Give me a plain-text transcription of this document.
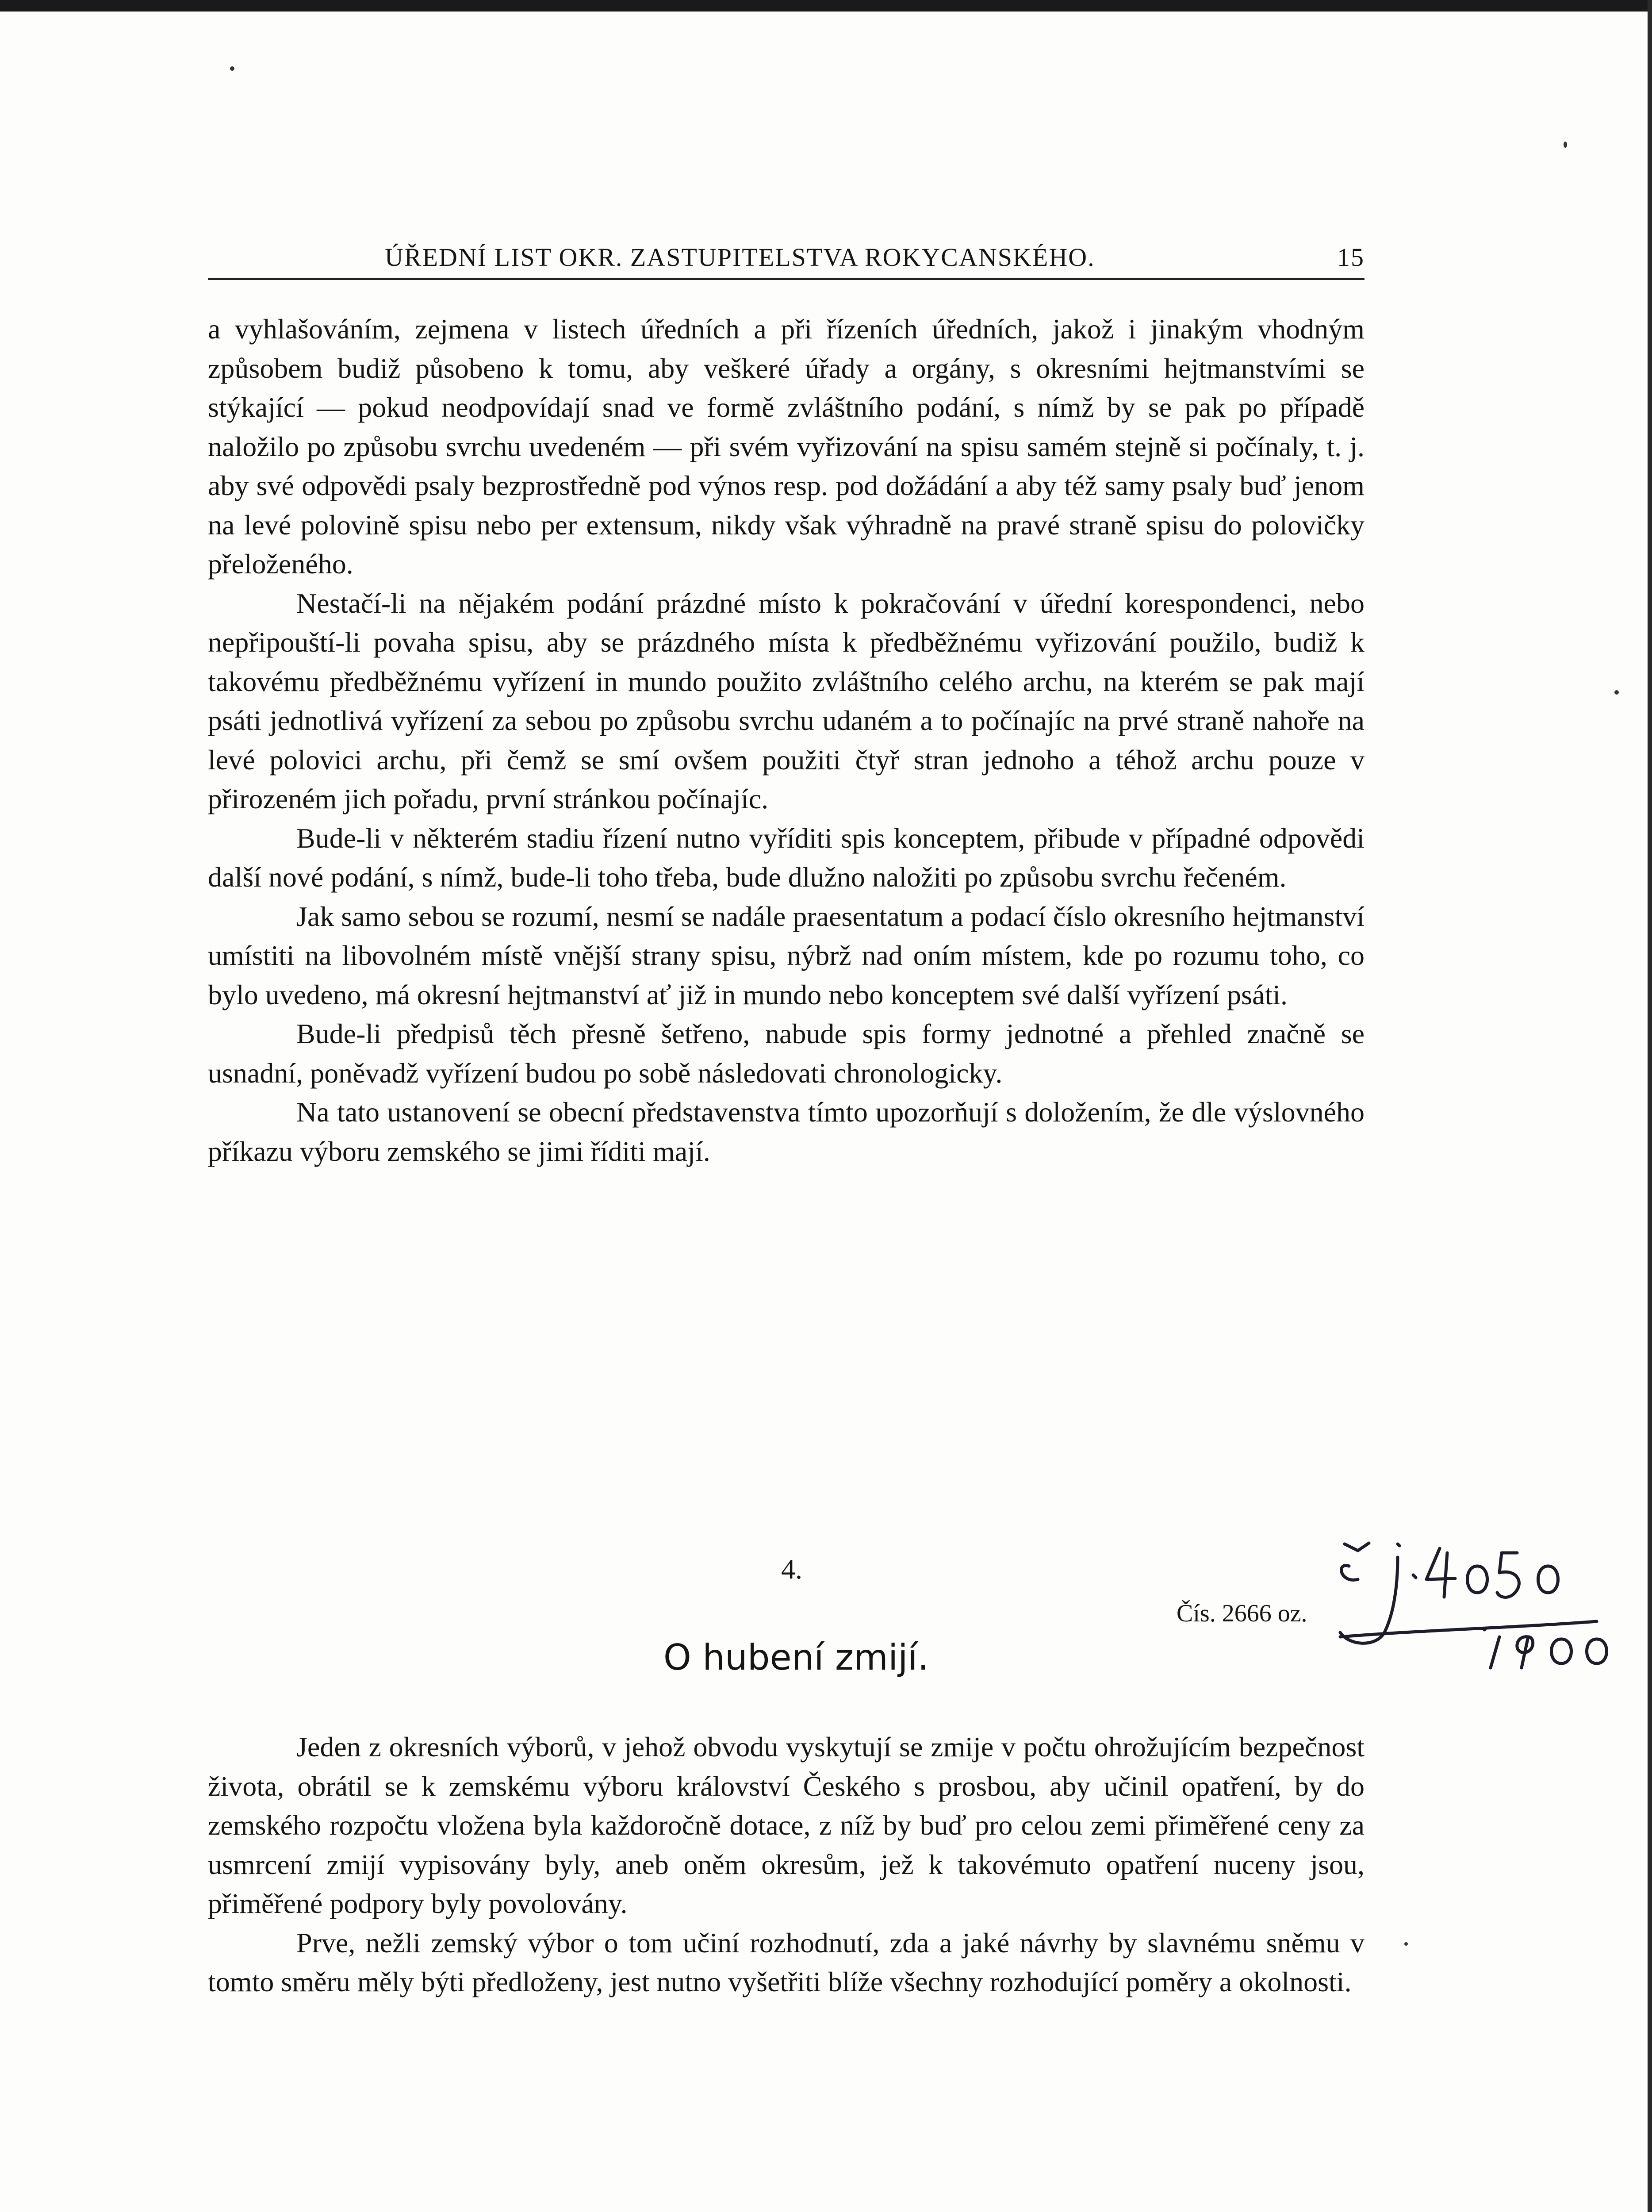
ÚŘEDNÍ LIST OKR. ZASTUPITELSTVA ROKYCANSKÉHO.	15

a vyhlašováním, zejmena v listech úředních a při řízeních úředních, jakož i jinakým vhodným způsobem budiž působeno k tomu, aby veškeré úřady a orgány, s okresními hejtmanstvími se stýkající — pokud neodpovídají snad ve formě zvláštního podání, s nímž by se pak po případě naložilo po způsobu svrchu uvedeném — při svém vyřizování na spisu samém stejně si počínaly, t. j. aby své odpovědi psaly bezprostředně pod výnos resp. pod dožádání a aby též samy psaly buď jenom na levé polovině spisu nebo per extensum, nikdy však výhradně na pravé straně spisu do polovičky přeloženého.

Nestačí-li na nějakém podání prázdné místo k pokračování v úřední korespondenci, nebo nepřipouští-li povaha spisu, aby se prázdného místa k předběžnému vyřizování použilo, budiž k takovému předběžnému vyřízení in mundo použito zvláštního celého archu, na kterém se pak mají psáti jednotlivá vyřízení za sebou po způsobu svrchu udaném a to počínajíc na prvé straně nahoře na levé polovici archu, při čemž se smí ovšem použiti čtyř stran jednoho a téhož archu pouze v přirozeném jich pořadu, první stránkou počínajíc.

Bude-li v některém stadiu řízení nutno vyříditi spis konceptem, přibude v případné odpovědi další nové podání, s nímž, bude-li toho třeba, bude dlužno naložiti po způsobu svrchu řečeném.

Jak samo sebou se rozumí, nesmí se nadále praesentatum a podací číslo okresního hejtmanství umístiti na libovolném místě vnější strany spisu, nýbrž nad oním místem, kde po rozumu toho, co bylo uvedeno, má okresní hejtmanství ať již in mundo nebo konceptem své další vyřízení psáti.

Bude-li předpisů těch přesně šetřeno, nabude spis formy jednotné a přehled značně se usnadní, poněvadž vyřízení budou po sobě následovati chronologicky.

Na tato ustanovení se obecní představenstva tímto upozorňují s doložením, že dle výslovného příkazu výboru zemského se jimi říditi mají.

4.
Čís. 2666 oz.
O hubení zmijí.

Jeden z okresních výborů, v jehož obvodu vyskytují se zmije v počtu ohrožujícím bezpečnost života, obrátil se k zemskému výboru království Českého s prosbou, aby učinil opatření, by do zemského rozpočtu vložena byla každoročně dotace, z níž by buď pro celou zemi přiměřené ceny za usmrcení zmijí vypisovány byly, aneb oněm okresům, jež k takovémuto opatření nuceny jsou, přiměřené podpory byly povolovány.

Prve, nežli zemský výbor o tom učiní rozhodnutí, zda a jaké návrhy by slavnému sněmu v tomto směru měly býti předloženy, jest nutno vyšetřiti blíže všechny rozhodující poměry a okolnosti.
